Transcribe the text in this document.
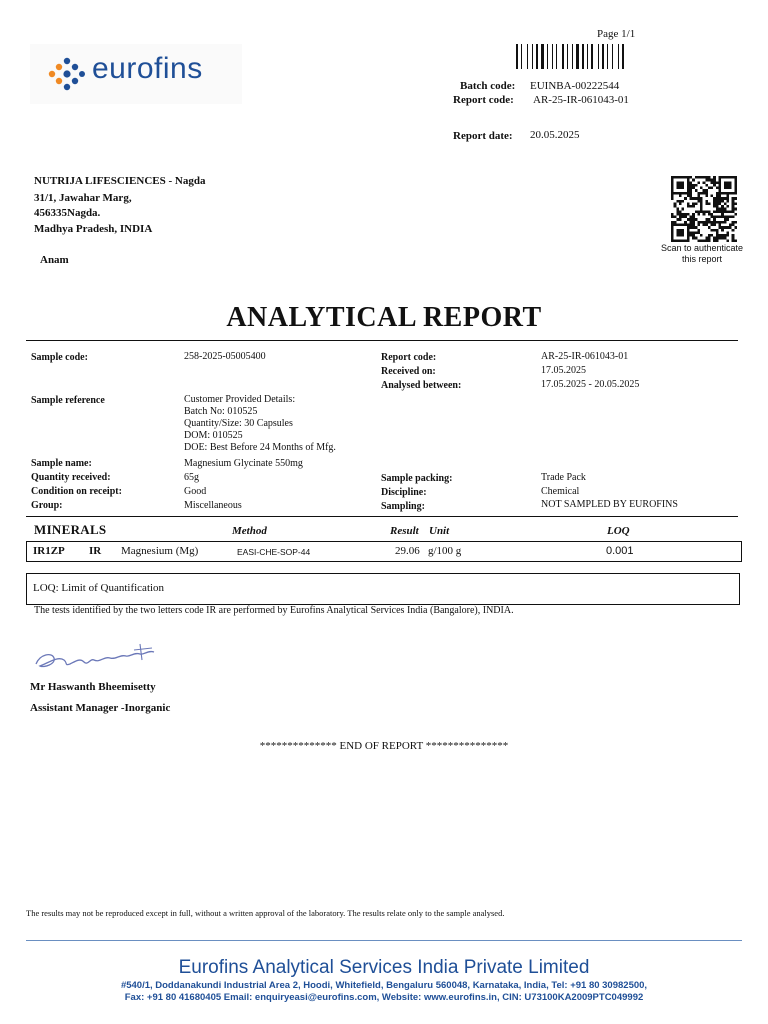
eurofins
Page 1/1
Batch code: EUINBA-00222544
Report code: AR-25-IR-061043-01
Report date: 20.05.2025
Scan to authenticate
this report
NUTRIJA LIFESCIENCES - Nagda
31/1, Jawahar Marg,
456335Nagda.
Madhya Pradesh, INDIA
Anam
ANALYTICAL REPORT
Sample code:	258-2025-05005400	Report code:	AR-25-IR-061043-01
Received on:	17.05.2025
Analysed between:	17.05.2025 - 20.05.2025
Sample reference	Customer Provided Details:
Batch No: 010525
Quantity/Size: 30 Capsules
DOM: 010525
DOE: Best Before 24 Months of Mfg.
Sample name:	Magnesium Glycinate 550mg
Quantity received:	65g
Condition on receipt:	Good
Group:	Miscellaneous
Sample packing:	Trade Pack
Discipline:	Chemical
Sampling:	NOT SAMPLED BY EUROFINS
MINERALS	Method	Result Unit	LOQ
IR1ZP IR Magnesium (Mg)	EASI-CHE-SOP-44	29.06 g/100 g	0.001
LOQ: Limit of Quantification
The tests identified by the two letters code IR are performed by Eurofins Analytical Services India (Bangalore), INDIA.
Mr Haswanth Bheemisetty
Assistant Manager -Inorganic
************** END OF REPORT ***************
The results may not be reproduced except in full, without a written approval of the laboratory. The results relate only to the sample analysed.
Eurofins Analytical Services India Private Limited
#540/1, Doddanakundi Industrial Area 2, Hoodi, Whitefield, Bengaluru 560048, Karnataka, India, Tel: +91 80 30982500,
Fax: +91 80 41680405 Email: enquiryeasi@eurofins.com, Website: www.eurofins.in, CIN: U73100KA2009PTC049992
